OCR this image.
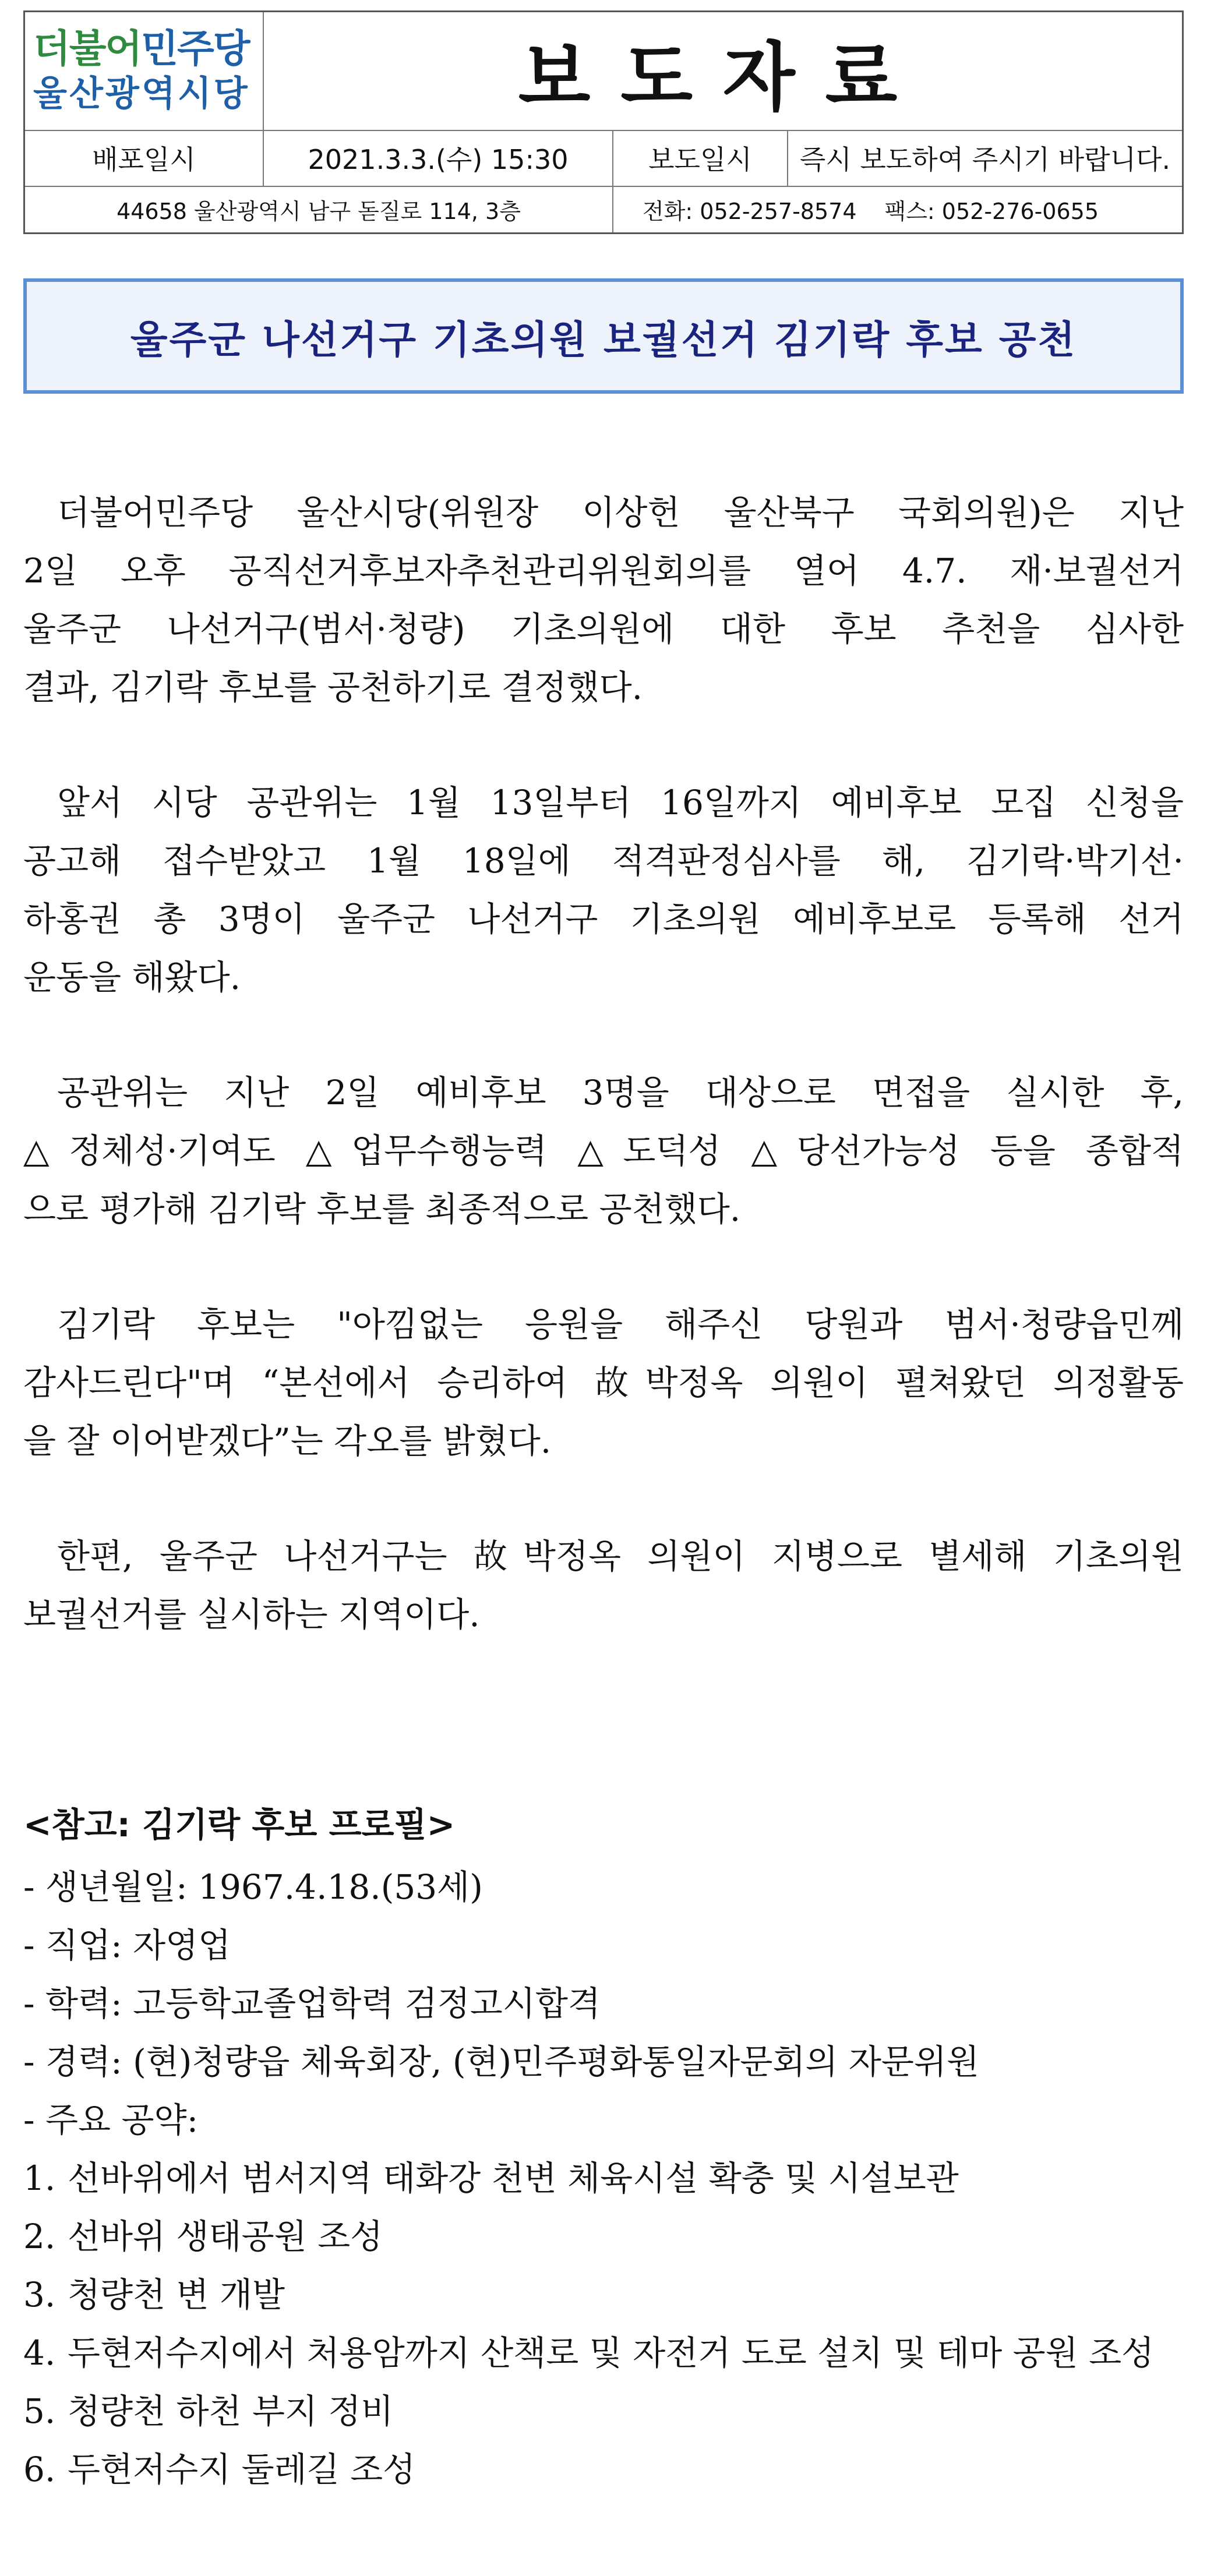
더불어민주당
울산광역시당	보도자료
배포일시	2021.3.3.(수) 15:30	보도일시	즉시 보도하여 주시기 바랍니다.
44658 울산광역시 남구 돋질로 114, 3층	전화: 052-257-8574 팩스: 052-276-0655
울주군 나선거구 기초의원 보궐선거 김기락 후보 공천

더불어민주당 울산시당(위원장 이상헌 울산북구 국회의원)은 지난
2일 오후 공직선거후보자추천관리위원회의를 열어 4.7. 재·보궐선거
울주군 나선거구(범서·청량) 기초의원에 대한 후보 추천을 심사한
결과, 김기락 후보를 공천하기로 결정했다.

앞서 시당 공관위는 1월 13일부터 16일까지 예비후보 모집 신청을
공고해 접수받았고 1월 18일에 적격판정심사를 해, 김기락·박기선·
하홍권 총 3명이 울주군 나선거구 기초의원 예비후보로 등록해 선거
운동을 해왔다.

공관위는 지난 2일 예비후보 3명을 대상으로 면접을 실시한 후,
△정체성·기여도 △업무수행능력 △도덕성 △당선가능성 등을 종합적
으로 평가해 김기락 후보를 최종적으로 공천했다.

김기락 후보는 "아낌없는 응원을 해주신 당원과 범서·청량읍민께
감사드린다"며 “본선에서 승리하여 故박정옥 의원이 펼쳐왔던 의정활동
을 잘 이어받겠다”는 각오를 밝혔다.

한편, 울주군 나선거구는 故박정옥 의원이 지병으로 별세해 기초의원
보궐선거를 실시하는 지역이다.

<참고: 김기락 후보 프로필>
- 생년월일: 1967.4.18.(53세)
- 직업: 자영업
- 학력: 고등학교졸업학력 검정고시합격
- 경력: (현)청량읍 체육회장, (현)민주평화통일자문회의 자문위원
- 주요 공약:
1. 선바위에서 범서지역 태화강 천변 체육시설 확충 및 시설보관
2. 선바위 생태공원 조성
3. 청량천 변 개발
4. 두현저수지에서 처용암까지 산책로 및 자전거 도로 설치 및 테마 공원 조성
5. 청량천 하천 부지 정비
6. 두현저수지 둘레길 조성
